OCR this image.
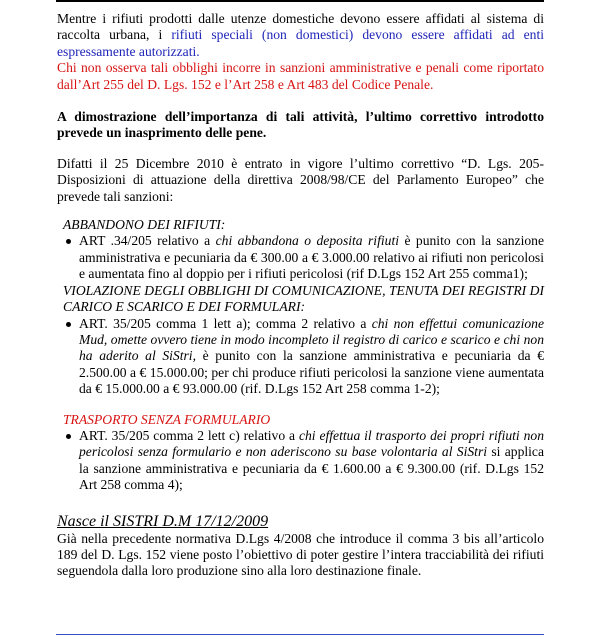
Mentre i rifiuti prodotti dalle utenze domestiche devono essere affidati al sistema di raccolta urbana, i rifiuti speciali (non domestici) devono essere affidati ad enti espressamente autorizzati.

Chi non osserva tali obblighi incorre in sanzioni amministrative e penali come riportato dall’Art 255 del D. Lgs. 152 e l’Art 258 e Art 483 del Codice Penale.

A dimostrazione dell’importanza di tali attività, l’ultimo correttivo introdotto prevede un inasprimento delle pene.

Difatti il 25 Dicembre 2010 è entrato in vigore l’ultimo correttivo “D. Lgs. 205- Disposizioni di attuazione della direttiva 2008/98/CE del Parlamento Europeo” che prevede tali sanzioni:

ABBANDONO DEI RIFIUTI:

ART .34/205 relativo a chi abbandona o deposita rifiuti è punito con la sanzione amministrativa e pecuniaria da € 300.00 a € 3.000.00 relativo ai rifiuti non pericolosi e aumentata fino al doppio per i rifiuti pericolosi (rif D.Lgs 152 Art 255 comma1);

VIOLAZIONE DEGLI OBBLIGHI DI COMUNICAZIONE, TENUTA DEI REGISTRI DI CARICO E SCARICO E DEI FORMULARI:

ART. 35/205 comma 1 lett a); comma 2 relativo a chi non effettui comunicazione Mud, omette ovvero tiene in modo incompleto il registro di carico e scarico e chi non ha aderito al SiStri, è punito con la sanzione amministrativa e pecuniaria da € 2.500.00 a € 15.000.00; per chi produce rifiuti pericolosi la sanzione viene aumentata da € 15.000.00 a € 93.000.00 (rif. D.Lgs 152 Art 258 comma 1-2);

TRASPORTO SENZA FORMULARIO

ART. 35/205 comma 2 lett c) relativo a chi effettua il trasporto dei propri rifiuti non pericolosi senza formulario e non aderiscono su base volontaria al SiStri si applica la sanzione amministrativa e pecuniaria da € 1.600.00 a € 9.300.00 (rif. D.Lgs 152 Art 258 comma 4);

Nasce il SISTRI D.M 17/12/2009

Già nella precedente normativa D.Lgs 4/2008 che introduce il comma 3 bis all’articolo 189 del D. Lgs. 152 viene posto l’obiettivo di poter gestire l’intera tracciabilità dei rifiuti seguendola dalla loro produzione sino alla loro destinazione finale.
